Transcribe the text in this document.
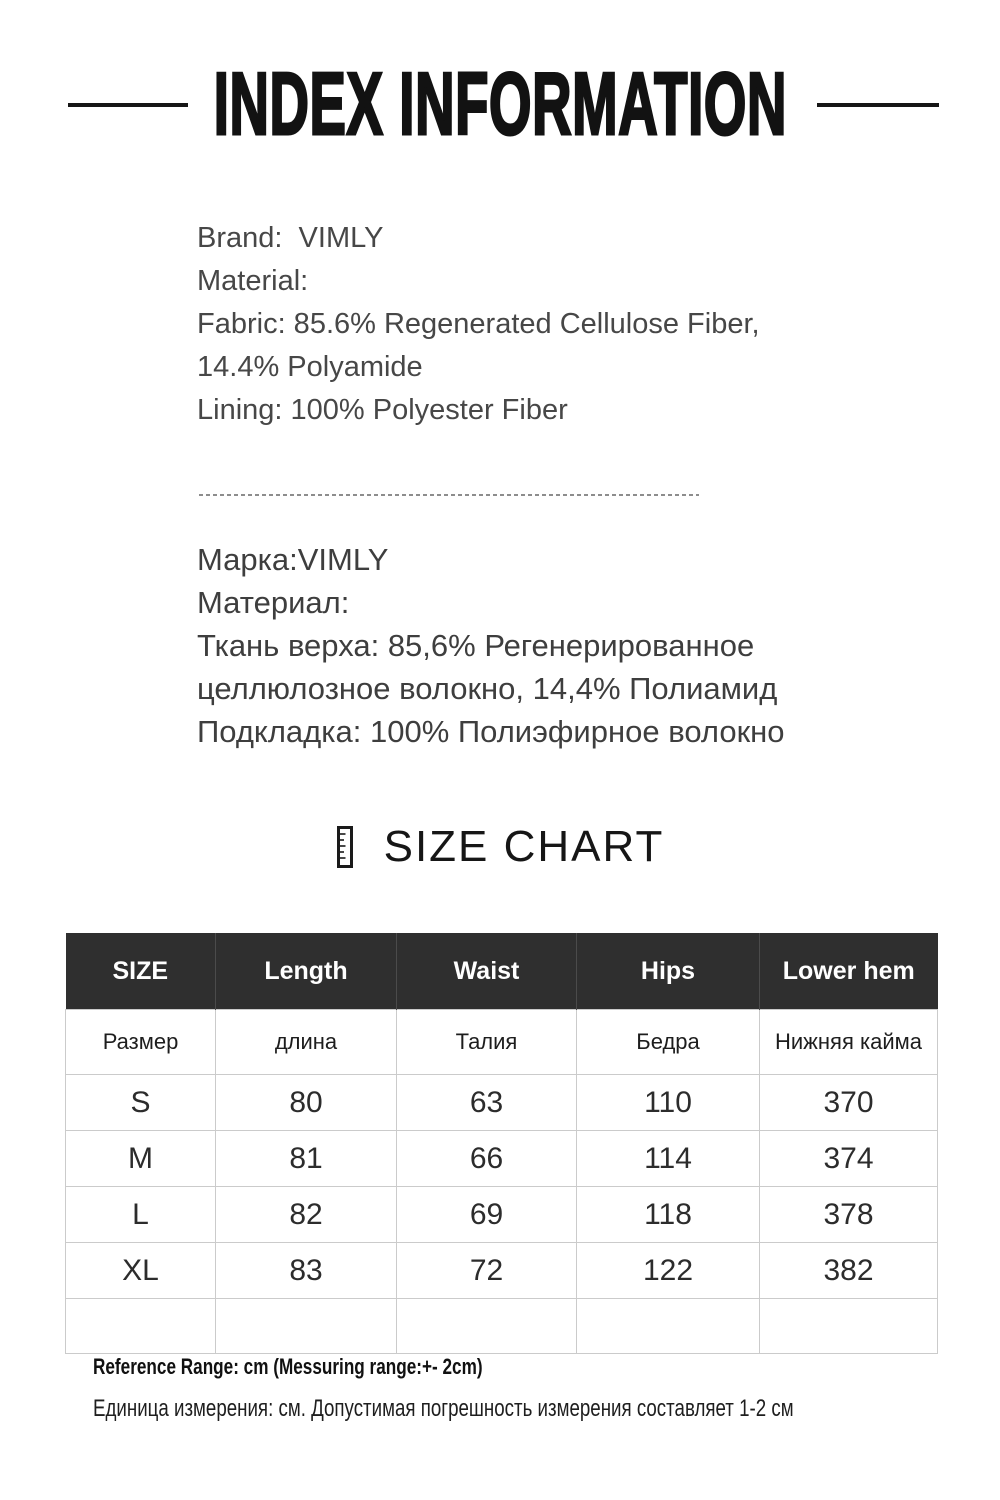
INDEX INFORMATION
Brand:  VIMLY
Material:
Fabric: 85.6% Regenerated Cellulose Fiber,
14.4% Polyamide
Lining: 100% Polyester Fiber
Марка:VIMLY
Материал:
Ткань верха: 85,6% Регенерированное
целлюлозное волокно, 14,4% Полиамид
Подкладка: 100% Полиэфирное волокно
SIZE CHART
SIZE	Length	Waist	Hips	Lower hem
Размер	длина	Талия	Бедра	Нижняя кайма
S	80	63	110	370
M	81	66	114	374
L	82	69	118	378
XL	83	72	122	382

Reference Range: cm (Messuring range:+- 2cm)
Единица измерения: см. Допустимая погрешность измерения составляет 1-2 см
